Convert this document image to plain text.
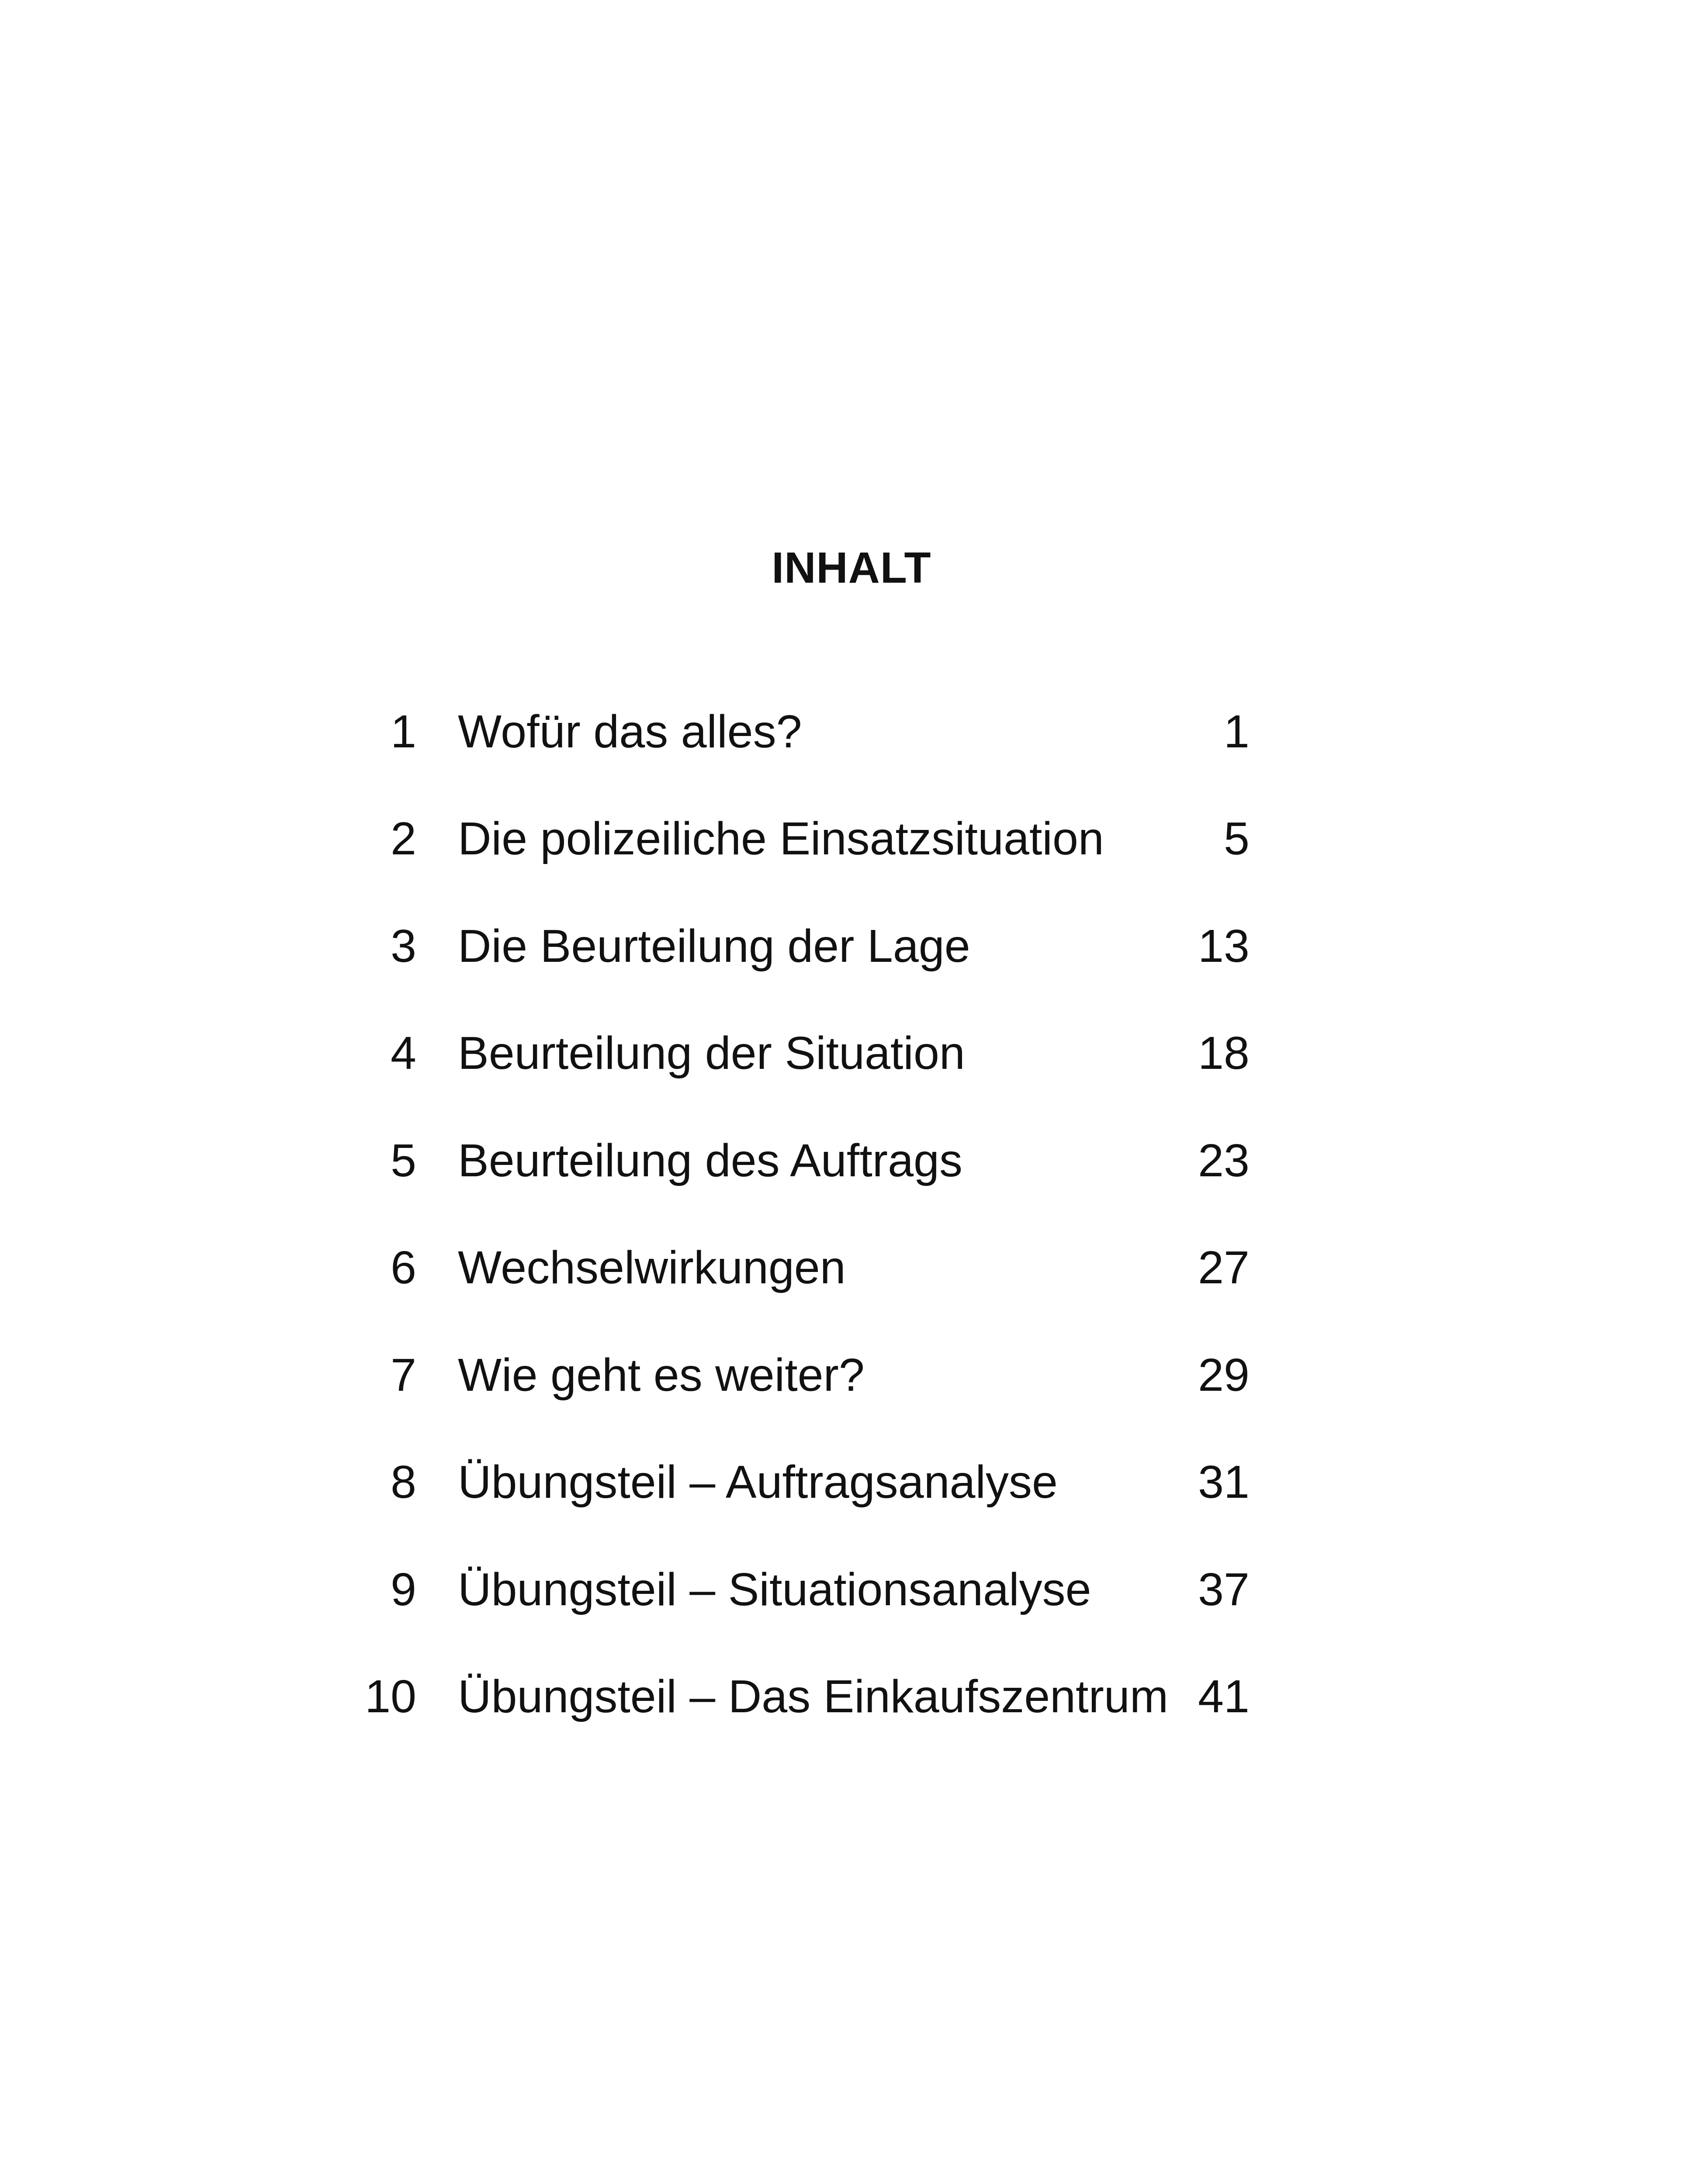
INHALT
1 Wofür das alles?	1
2 Die polizeiliche Einsatzsituation	5
3 Die Beurteilung der Lage	13
4 Beurteilung der Situation	18
5 Beurteilung des Auftrags	23
6 Wechselwirkungen	27
7 Wie geht es weiter?	29
8 Übungsteil – Auftragsanalyse	31
9 Übungsteil – Situationsanalyse 37
10 Übungsteil – Das Einkaufszentrum 41
